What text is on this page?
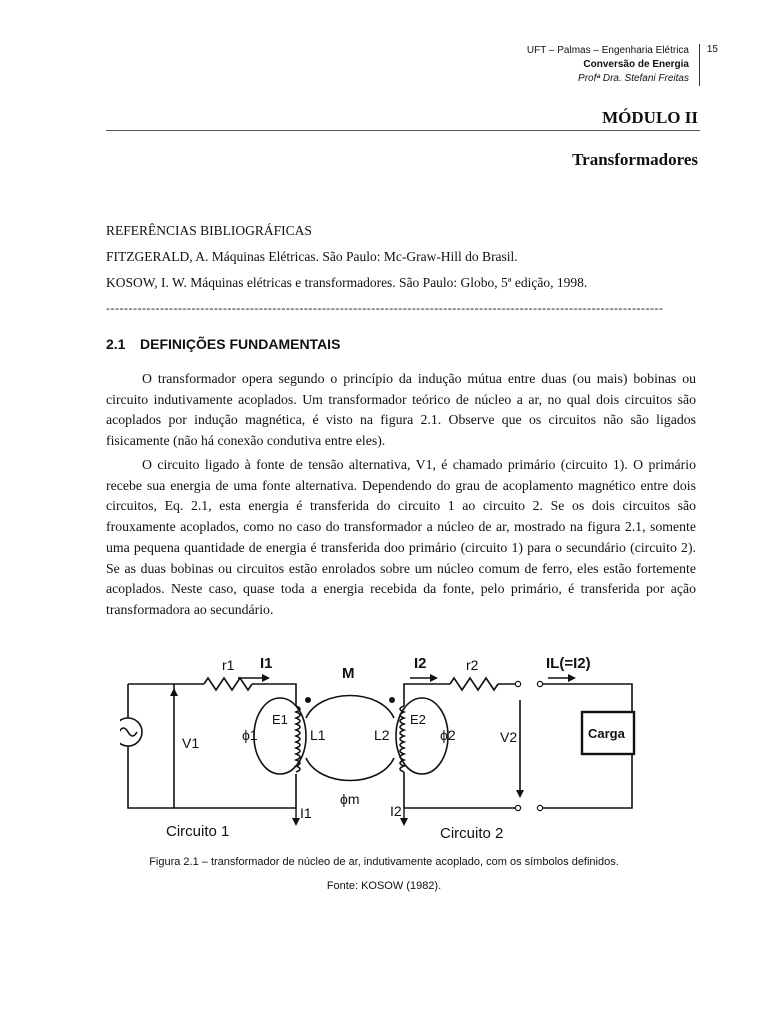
UFT – Palmas – Engenharia Elétrica
Conversão de Energia
Profª Dra. Stefani Freitas
15
MÓDULO II
Transformadores
REFERÊNCIAS BIBLIOGRÁFICAS
FITZGERALD, A. Máquinas Elétricas. São Paulo: Mc-Graw-Hill do Brasil.
KOSOW, I. W. Máquinas elétricas e transformadores. São Paulo: Globo, 5ª edição, 1998.
----------------------------------------------------------------------------------------------------------------------------
2.1 DEFINIÇÕES FUNDAMENTAIS
O transformador opera segundo o princípio da indução mútua entre duas (ou mais) bobinas ou circuito indutivamente acoplados. Um transformador teórico de núcleo a ar, no qual dois circuitos são acoplados por indução magnética, é visto na figura 2.1. Observe que os circuitos não são ligados fisicamente (não há conexão condutiva entre eles).
O circuito ligado à fonte de tensão alternativa, V1, é chamado primário (circuito 1). O primário recebe sua energia de uma fonte alternativa. Dependendo do grau de acoplamento magnético entre dois circuitos, Eq. 2.1, esta energia é transferida do circuito 1 ao circuito 2. Se os dois circuitos são frouxamente acoplados, como no caso do transformador a núcleo de ar, mostrado na figura 2.1, somente uma pequena quantidade de energia é transferida doo primário (circuito 1) para o secundário (circuito 2). Se as duas bobinas ou circuitos estão enrolados sobre um núcleo comum de ferro, eles estão fortemente acoplados. Neste caso, quase toda a energia recebida da fonte, pelo primário, é transferida por ação transformadora ao secundário.
r1 I1
M
I2	r2	IL(=I2)
V1	ϕ1
E1
L1	L2
E2
ϕ2	V2	Carga
I1
ϕm
I2
Circuito 1	Circuito 2
Figura 2.1 – transformador de núcleo de ar, indutivamente acoplado, com os símbolos definidos.
Fonte: KOSOW (1982).
